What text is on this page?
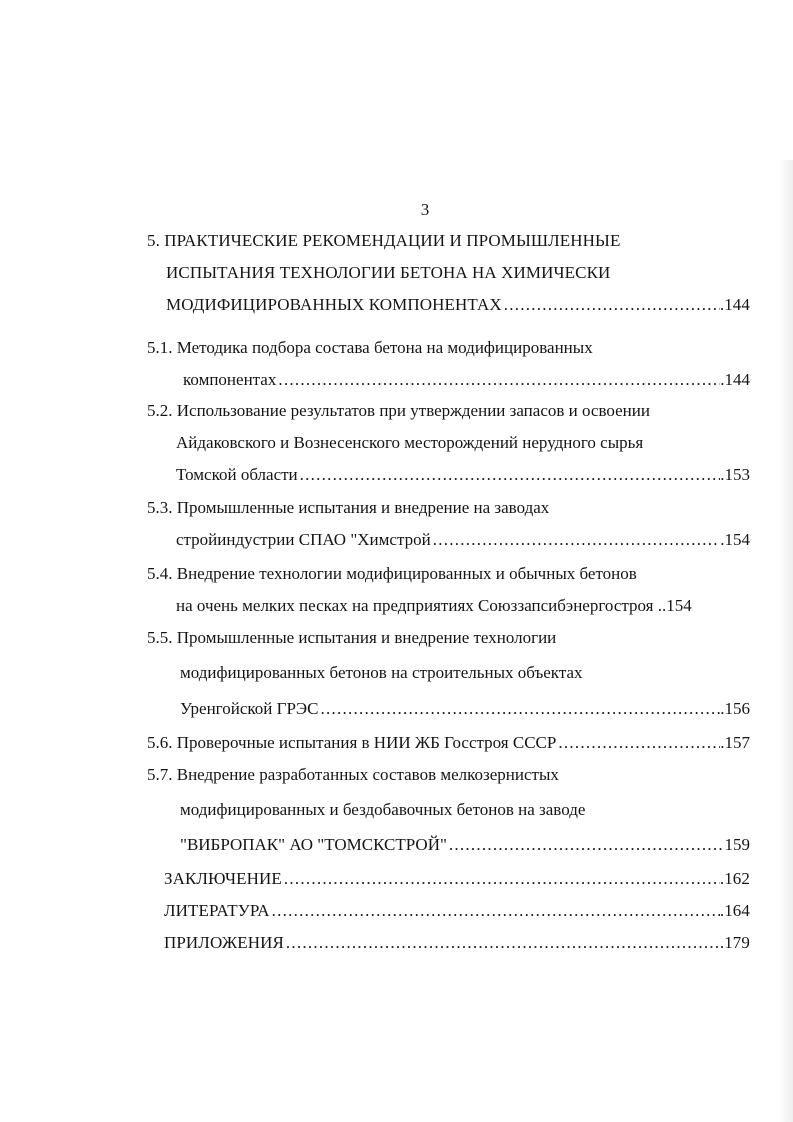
3
5. ПРАКТИЧЕСКИЕ РЕКОМЕНДАЦИИ И ПРОМЫШЛЕННЫЕ
ИСПЫТАНИЯ ТЕХНОЛОГИИ БЕТОНА НА ХИМИЧЕСКИ
МОДИФИЦИРОВАННЫХ КОМПОНЕНТАХ . . .	.144
5.1. Методика подбора состава бетона на модифицированных
компонентах . . .	.144
5.2. Использование результатов при утверждении запасов и освоении
Айдаковского и Вознесенского месторождений нерудного сырья
Томской области . . .	.153
5.3. Промышленные испытания и внедрение на заводах
стройиндустрии СПАО "Химстрой . . .	.154
5.4. Внедрение технологии модифицированных и обычных бетонов
на очень мелких песках на предприятиях Союззапсибэнергостроя ..154
5.5. Промышленные испытания и внедрение технологии
модифицированных бетонов на строительных объектах
Уренгойской ГРЭС . . .	.156
5.6. Проверочные испытания в НИИ ЖБ Госстроя СССР . . .	.157
5.7. Внедрение разработанных составов мелкозернистых
модифицированных и бездобавочных бетонов на заводе
"ВИБРОПАК" АО "ТОМСКСТРОЙ" . . .	159
ЗАКЛЮЧЕНИЕ . . .	.162
ЛИТЕРАТУРА . . .	.164
ПРИЛОЖЕНИЯ . . .	.179
